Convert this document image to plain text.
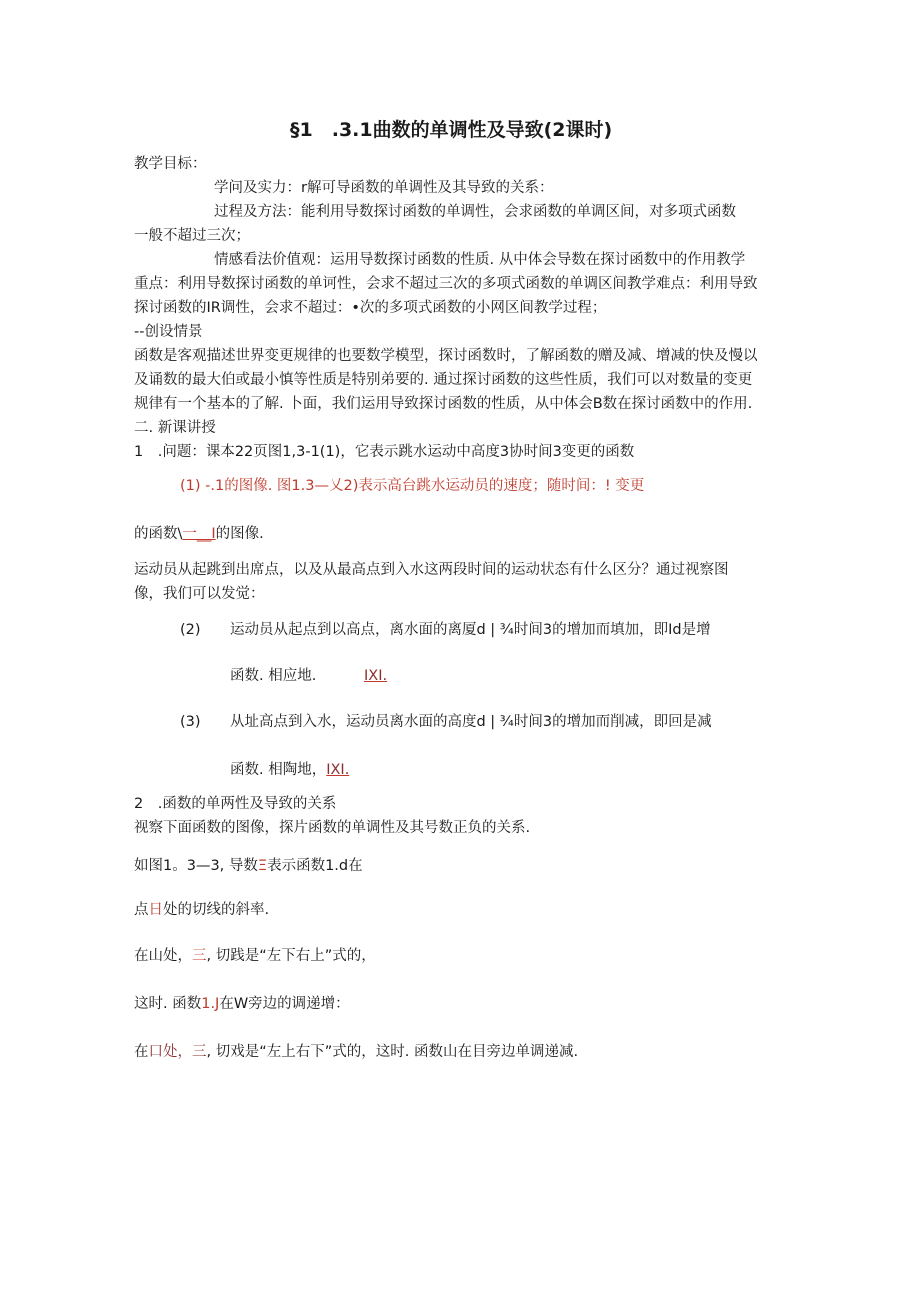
§1　.3.1曲数的单调性及导致(2课时)
教学目标：
学问及实力：r解可导函数的单调性及其导致的关系：
过程及方法：能利用导数探讨函数的单调性，会求函数的单调区间，对多项式函数
一般不超过三次；
情感看法价值观：运用导数探讨函数的性质. 从中体会导数在探讨函数中的作用教学
重点：利用导数探讨函数的单诃性，会求不超过三次的多项式函数的单调区间教学难点：利用导致
探讨函数的IR调性，会求不超过：•次的多项式函数的小网区间教学过程；
--创设情景
函数是客观描述世界变更规律的也要数学模型，探讨函数时，了解函数的赠及减、增减的快及慢以
及诵数的最大伯或最小慎等性质是特别弟要的. 通过探讨函数的这些性质，我们可以对数量的变更
规律有一个基本的了解. 卜面，我们运用导致探讨函数的性质，从中体会B数在探讨函数中的作用.
二. 新课讲授
1　.问题：课本22页图1,3-1(1)，它表示跳水运动中高度3协时间3变更的函数
(1) -.1的图像. 图1.3—乂2)表示高台跳水运动员的速度；随时间：! 变更
的函数\一__I的图像.
运动员从起跳到出席点，以及从最高点到入水这两段时间的运动状态有什么区分？通过视察图
像，我们可以发觉：
(2) 运动员从起点到以高点，离水面的离厦d | ¾时间3的增加而填加，即Id是增
函数. 相应地.	IXI.
(3) 从址高点到入水，运动员离水面的高度d | ¾时间3的增加而削减，即回是减
函数. 相陶地，IXI.
2　.函数的单两性及导致的关系
视察下面函数的图像，探片函数的单调性及其号数正负的关系.
如图1。3—3, 导数Ξ表示函数1.d在
点日处的切线的斜率.
在山处，三, 切践是“左下右上”式的，
这时. 函数1.J在W旁边的调递增：
在口处，三, 切戏是“左上右下”式的，这时. 函数山在目旁边单调递减.
